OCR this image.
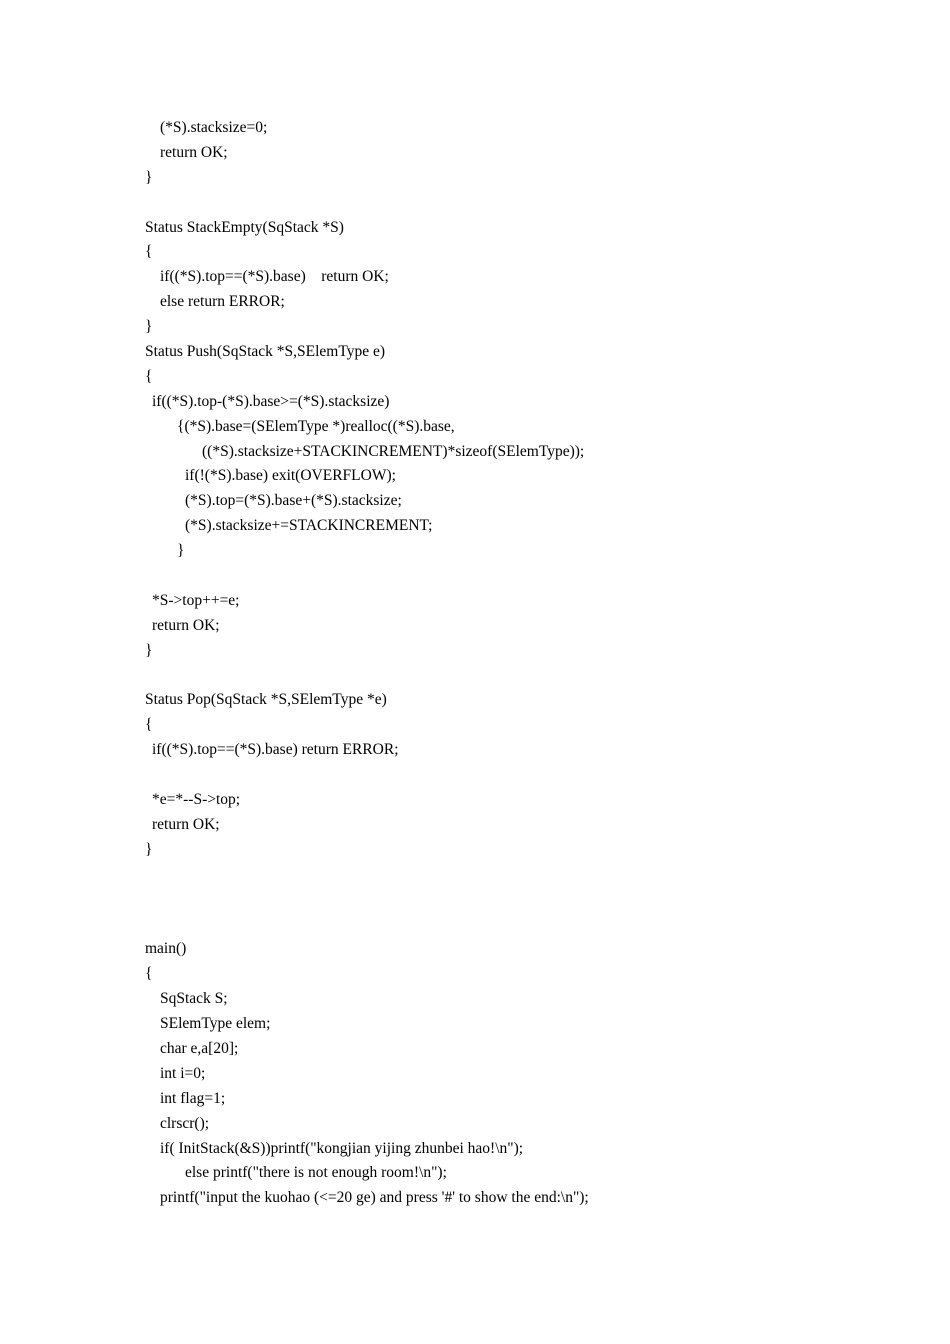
(*S).stacksize=0;
return OK;
}
Status StackEmpty(SqStack *S)
{
if((*S).top==(*S).base)    return OK;
else return ERROR;
}
Status Push(SqStack *S,SElemType e)
{
if((*S).top-(*S).base>=(*S).stacksize)
{(*S).base=(SElemType *)realloc((*S).base,
((*S).stacksize+STACKINCREMENT)*sizeof(SElemType));
if(!(*S).base) exit(OVERFLOW);
(*S).top=(*S).base+(*S).stacksize;
(*S).stacksize+=STACKINCREMENT;
}
*S->top++=e;
return OK;
}
Status Pop(SqStack *S,SElemType *e)
{
if((*S).top==(*S).base) return ERROR;
*e=*--S->top;
return OK;
}
main()
{
SqStack S;
SElemType elem;
char e,a[20];
int i=0;
int flag=1;
clrscr();
if( InitStack(&S))printf("kongjian yijing zhunbei hao!\n");
else printf("there is not enough room!\n");
printf("input the kuohao (<=20 ge) and press '#' to show the end:\n");
